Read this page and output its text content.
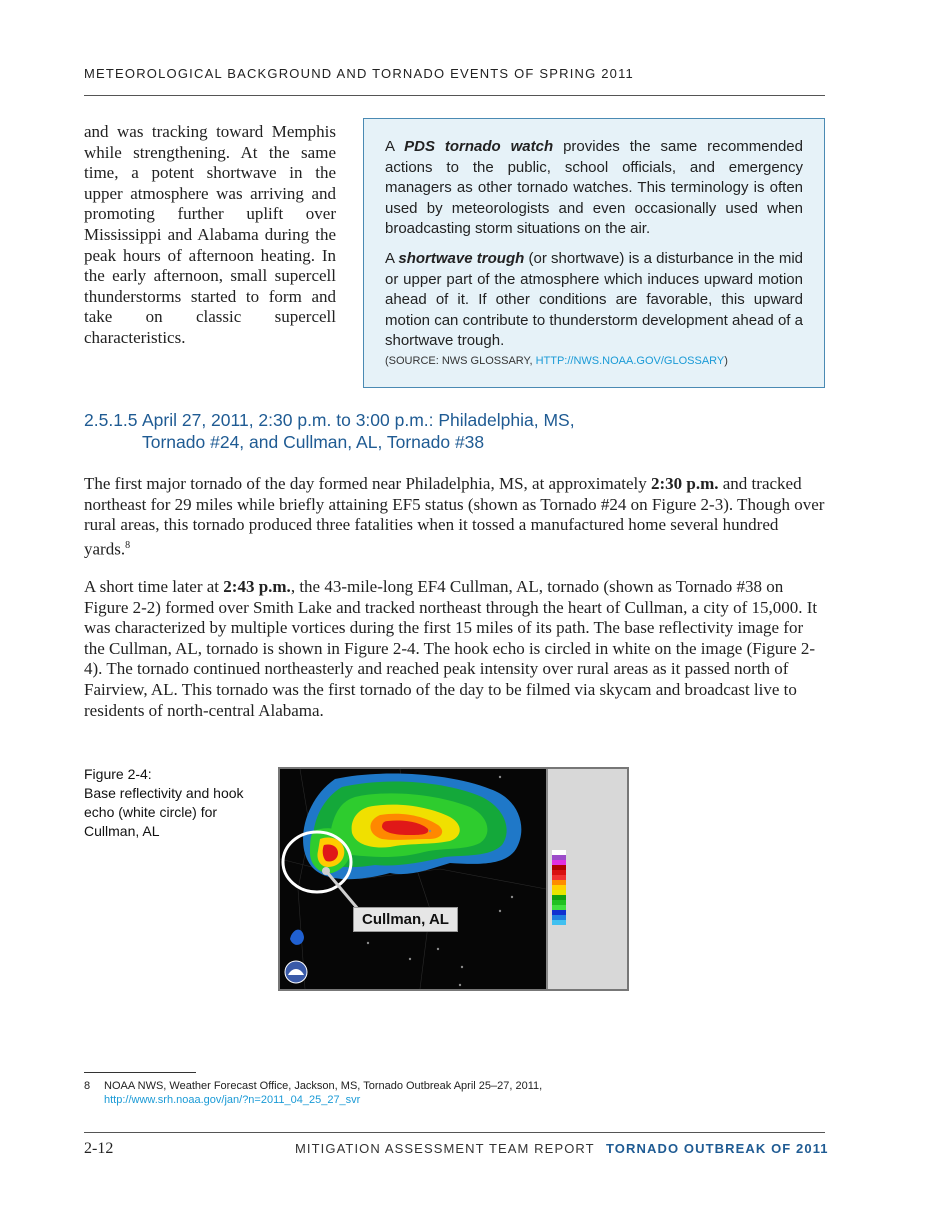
METEOROLOGICAL BACKGROUND AND TORNADO EVENTS OF SPRING 2011
and was tracking toward Memphis while strengthening. At the same time, a potent shortwave in the upper atmosphere was arriving and promoting further uplift over Mississippi and Alabama during the peak hours of afternoon heating. In the early afternoon, small supercell thunderstorms started to form and take on classic supercell characteristics.

A PDS tornado watch provides the same recommended actions to the public, school officials, and emergency managers as other tornado watches. This terminology is often used by meteorologists and even occasionally used when broadcasting storm situations on the air.

A shortwave trough (or shortwave) is a disturbance in the mid or upper part of the atmosphere which induces upward motion ahead of it. If other conditions are favorable, this upward motion can contribute to thunderstorm development ahead of a shortwave trough.

(SOURCE: NWS GLOSSARY, HTTP://NWS.NOAA.GOV/GLOSSARY)
2.5.1.5 April 27, 2011, 2:30 p.m. to 3:00 p.m.: Philadelphia, MS,
Tornado #24, and Cullman, AL, Tornado #38
The first major tornado of the day formed near Philadelphia, MS, at approximately 2:30 p.m. and tracked northeast for 29 miles while briefly attaining EF5 status (shown as Tornado #24 on Figure 2-3). Though over rural areas, this tornado produced three fatalities when it tossed a manufactured home several hundred yards.$^8$
A short time later at 2:43 p.m., the 43-mile-long EF4 Cullman, AL, tornado (shown as Tornado #38 on Figure 2-2) formed over Smith Lake and tracked northeast through the heart of Cullman, a city of 15,000. It was characterized by multiple vortices during the first 15 miles of its path. The base reflectivity image for the Cullman, AL, tornado is shown in Figure 2-4. The hook echo is circled in white on the image (Figure 2-4). The tornado continued northeasterly and reached peak intensity over rural areas as it passed north of Fairview, AL. This tornado was the first tornado of the day to be filmed via skycam and broadcast live to residents of north-central Alabama.
Figure 2-4:
Base reflectivity and hook echo (white circle) for Cullman, AL
Cullman, AL
8 NOAA NWS, Weather Forecast Office, Jackson, MS, Tornado Outbreak April 25–27, 2011,
http://www.srh.noaa.gov/jan/?n=2011_04_25_27_svr
2-12	MITIGATION ASSESSMENT TEAM REPORT TORNADO OUTBREAK OF 2011
